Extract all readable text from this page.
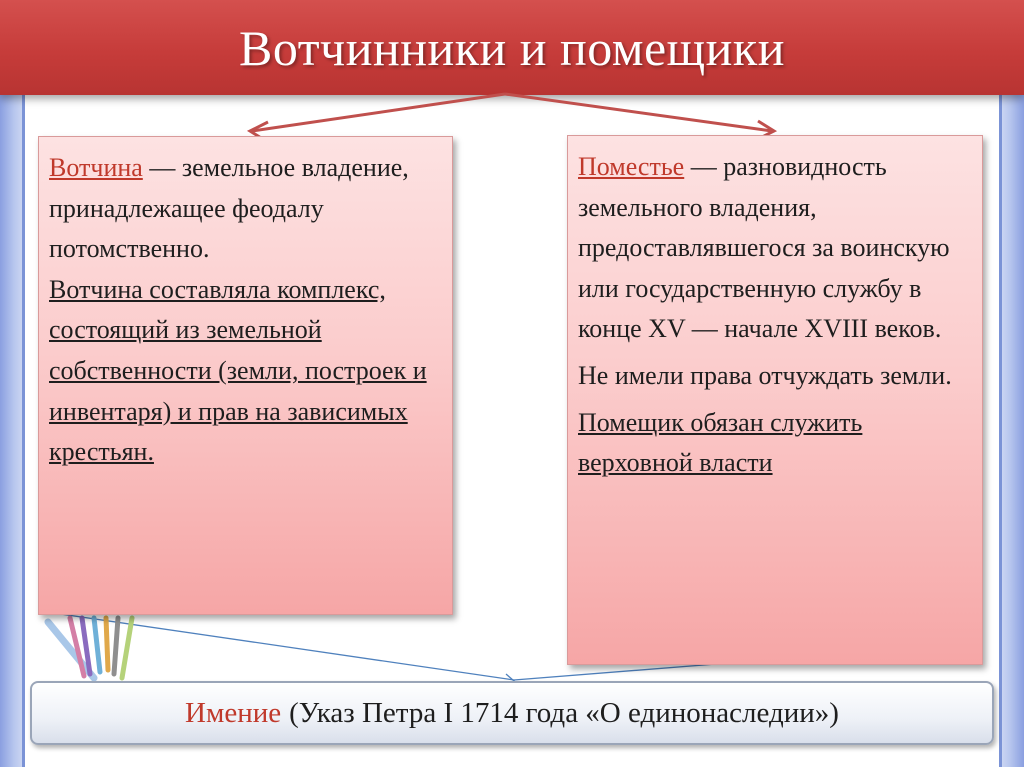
Вотчинники и помещики

Вотчина — земельное владение, принадлежащее феодалу потомственно.

Вотчина составляла комплекс, состоящий из земельной собственности (земли, построек и инвентаря) и прав на зависимых крестьян.

Поместье — разновидность земельного владения, предоставлявшегося за воинскую или государственную службу в конце XV — начале XVIII веков.

Не имели права отчуждать земли.

Помещик обязан служить верховной власти

Имение (Указ Петра I 1714 года «О единонаследии»)
